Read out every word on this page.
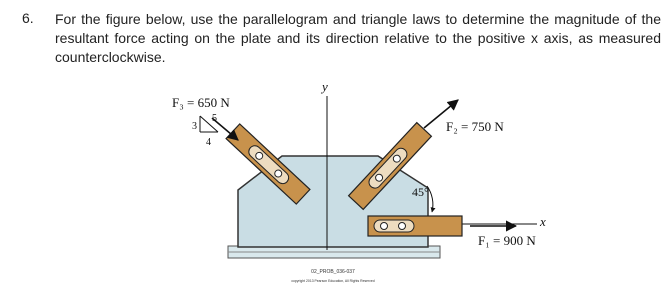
6. For the figure below, use the parallelogram and triangle laws to determine the magnitude of the resultant force acting on the plate and its direction relative to the positive x axis, as measured counterclockwise.

y
x
F₃ = 650 N
3
5
4
F₂ = 750 N
45°
F₁ = 900 N
02_PROB_036-037
copyright 2013 Pearson Education, All Rights Reserved
